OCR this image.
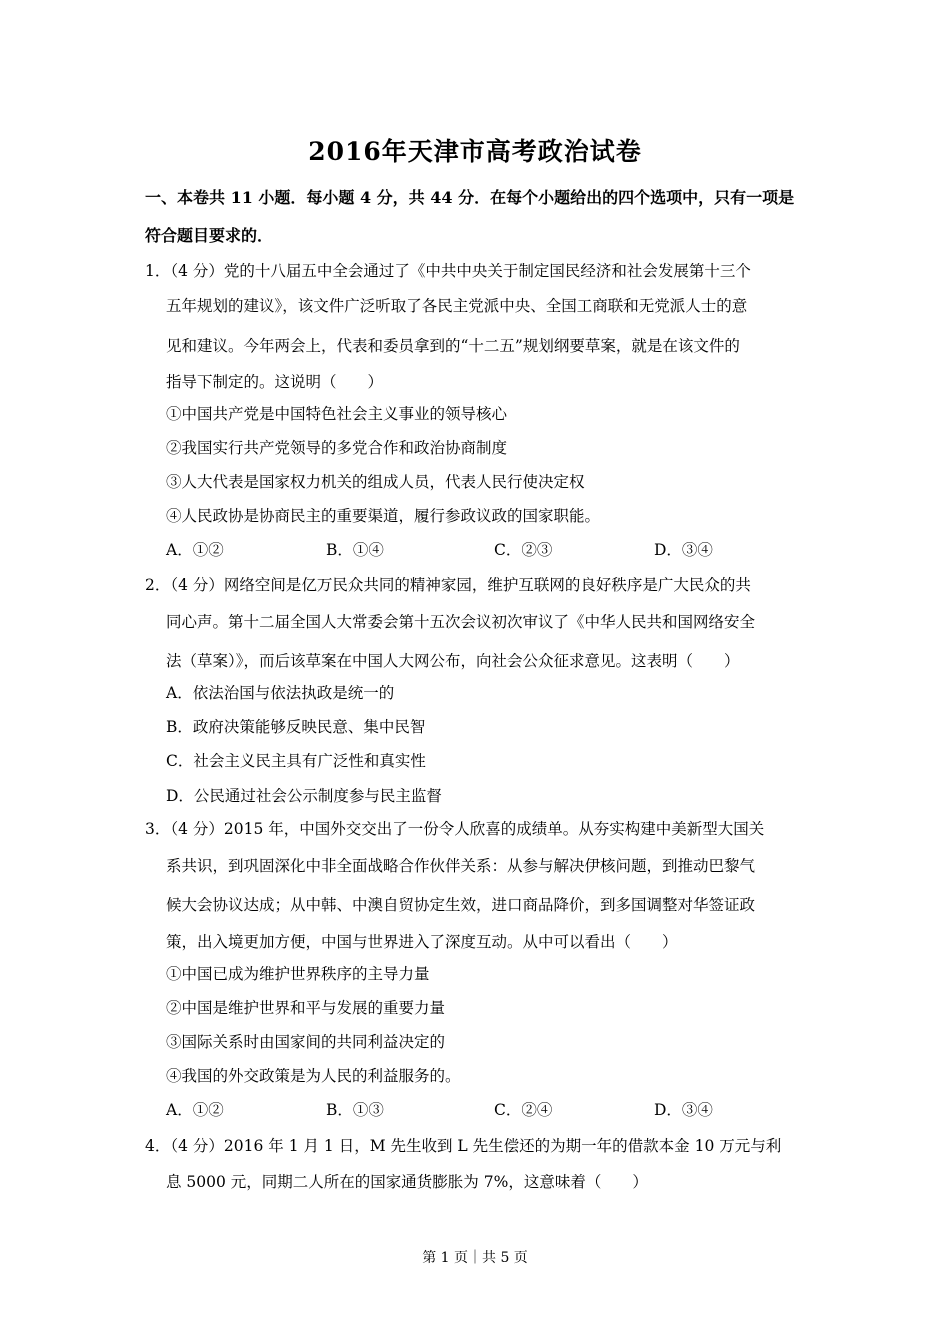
2016年天津市高考政治试卷
一、本卷共 11 小题．每小题 4 分，共 44 分．在每个小题给出的四个选项中，只有一项是
符合题目要求的．
1．（4 分）党的十八届五中全会通过了《中共中央关于制定国民经济和社会发展第十三个
五年规划的建议》，该文件广泛听取了各民主党派中央、全国工商联和无党派人士的意
见和建议。今年两会上，代表和委员拿到的“十二五”规划纲要草案，就是在该文件的
指导下制定的。这说明（　　）
①中国共产党是中国特色社会主义事业的领导核心
②我国实行共产党领导的多党合作和政治协商制度
③人大代表是国家权力机关的组成人员，代表人民行使决定权
④人民政协是协商民主的重要渠道，履行参政议政的国家职能。
A．①②	B．①④	C．②③	D．③④
2．（4 分）网络空间是亿万民众共同的精神家园，维护互联网的良好秩序是广大民众的共
同心声。第十二届全国人大常委会第十五次会议初次审议了《中华人民共和国网络安全
法（草案）》，而后该草案在中国人大网公布，向社会公众征求意见。这表明（　　）
A．依法治国与依法执政是统一的
B．政府决策能够反映民意、集中民智
C．社会主义民主具有广泛性和真实性
D．公民通过社会公示制度参与民主监督
3．（4 分）2015 年，中国外交交出了一份令人欣喜的成绩单。从夯实构建中美新型大国关
系共识，到巩固深化中非全面战略合作伙伴关系：从参与解决伊核问题，到推动巴黎气
候大会协议达成；从中韩、中澳自贸协定生效，进口商品降价，到多国调整对华签证政
策，出入境更加方便，中国与世界进入了深度互动。从中可以看出（　　）
①中国已成为维护世界秩序的主导力量
②中国是维护世界和平与发展的重要力量
③国际关系时由国家间的共同利益决定的
④我国的外交政策是为人民的利益服务的。
A．①②	B．①③	C．②④	D．③④
4．（4 分）2016 年 1 月 1 日，M 先生收到 L 先生偿还的为期一年的借款本金 10 万元与利
息 5000 元，同期二人所在的国家通货膨胀为 7%，这意味着（　　）
第 1 页｜共 5 页
